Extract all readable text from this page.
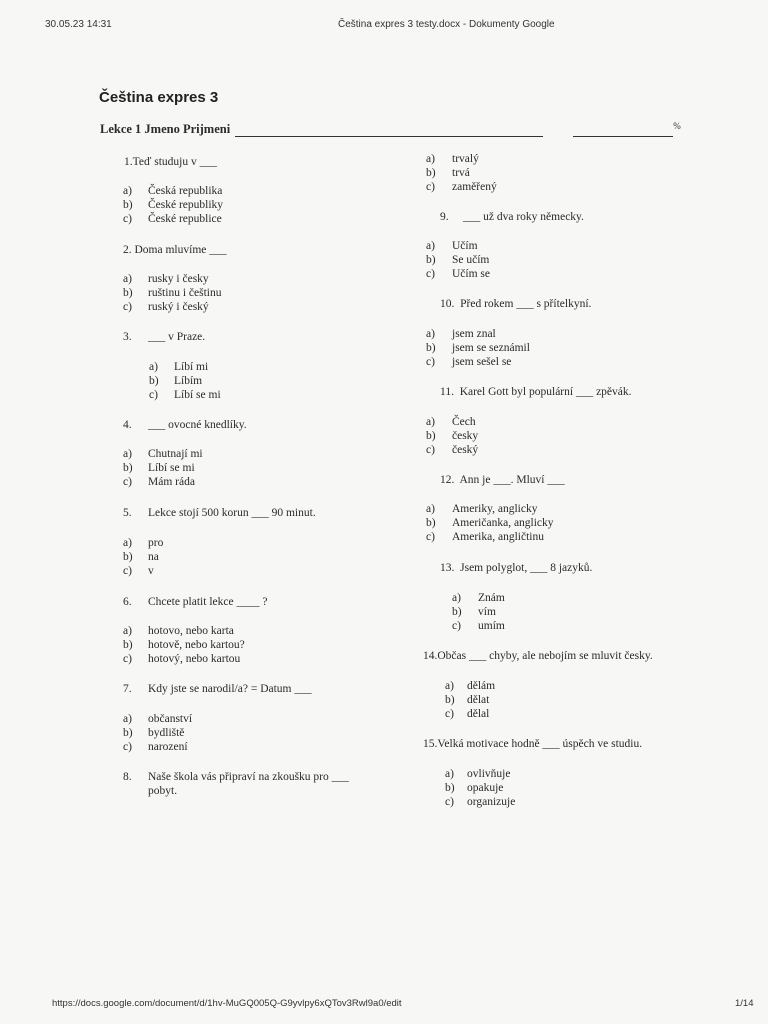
30.05.23 14:31	Čeština expres 3 testy.docx - Dokumenty Google
Čeština expres 3
Lekce 1 Jmeno Prijmeni	%
1.Teď studuju v ___
a) Česká republika
b) České republiky
c) České republice
2. Doma mluvíme ___
a) rusky i česky
b) ruštinu i češtinu
c) ruský i český
3. ___ v Praze.
a) Líbí mi
b) Líbím
c) Líbí se mi
4. ___ ovocné knedlíky.
a) Chutnají mi
b) Líbí se mi
c) Mám ráda
5. Lekce stojí 500 korun ___ 90 minut.
a) pro
b) na
c) v
6. Chcete platit lekce ____ ?
a) hotovo, nebo karta
b) hotově, nebo kartou?
c) hotový, nebo kartou
7. Kdy jste se narodil/a? = Datum ___
a) občanství
b) bydliště
c) narození
8.	Naše škola vás připraví na zkoušku pro ___ pobyt.
a) trvalý
b) trvá
c) zaměřený
9.     ___ už dva roky německy.
a) Učím
b) Se učím
c) Učím se
10.  Před rokem ___ s přítelkyní.
a) jsem znal
b) jsem se seznámil
c) jsem sešel se
11.  Karel Gott byl populární ___ zpěvák.
a) Čech
b) česky
c) český
12.  Ann je ___. Mluví ___
a) Ameriky, anglicky
b) Američanka, anglicky
c) Amerika, angličtinu
13.  Jsem polyglot, ___ 8 jazyků.
a) Znám
b) vím
c) umím
14.Občas ___ chyby, ale nebojím se mluvit česky.
a) dělám
b) dělat
c) dělal
15.Velká motivace hodně ___ úspěch ve studiu.
a) ovlivňuje
b) opakuje
c) organizuje
https://docs.google.com/document/d/1hv-MuGQ005Q-G9yvlpy6xQTov3Rwl9a0/edit	1/14
